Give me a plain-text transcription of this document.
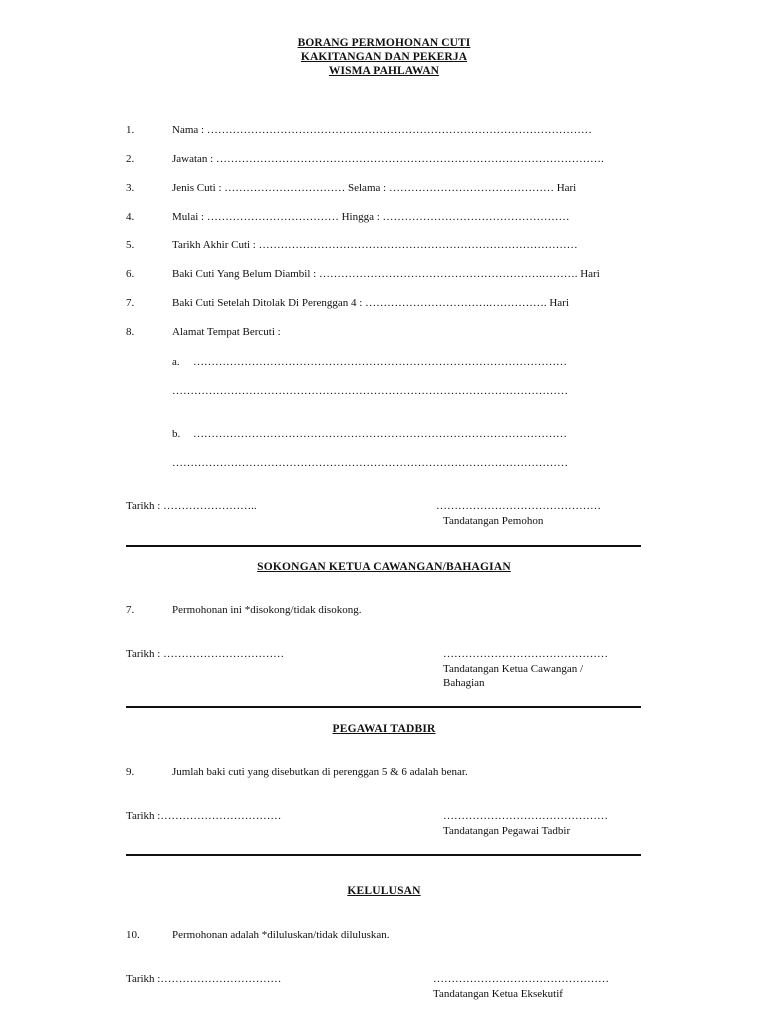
BORANG PERMOHONAN CUTI
KAKITANGAN DAN PEKERJA
WISMA PAHLAWAN
1.	Nama : ……………………………………………………………………………………………
2.	Jawatan : …………………………………………………………………………………………….
3.	Jenis Cuti : …………………………… Selama : ……………………………………… Hari
4.	Mulai : ……………………………… Hingga : ……………………………………………
5.	Tarikh Akhir Cuti : ……………………………………………………………………………
6.	Baki Cuti Yang Belum Diambil : …………………………………………………….………. Hari
7.	Baki Cuti Setelah Ditolak Di Perenggan 4 : …………………………….……………. Hari
8.	Alamat Tempat Bercuti :
a. …………………………………………………………………………………………
………………………………………………………………………………………………
b. …………………………………………………………………………………………
………………………………………………………………………………………………
Tarikh : ……………………..	………………………………………
Tandatangan Pemohon
SOKONGAN KETUA CAWANGAN/BAHAGIAN
7.	Permohonan ini *disokong/tidak disokong.
Tarikh : ……………………………	………………………………………
Tandatangan Ketua Cawangan /
Bahagian
PEGAWAI TADBIR
9.	Jumlah baki cuti yang disebutkan di perenggan 5 & 6 adalah benar.
Tarikh :……………………………	………………………………………
Tandatangan Pegawai Tadbir
KELULUSAN
10.	Permohonan adalah *diluluskan/tidak diluluskan.
Tarikh :……………………………	…………………………………………
Tandatangan Ketua Eksekutif
